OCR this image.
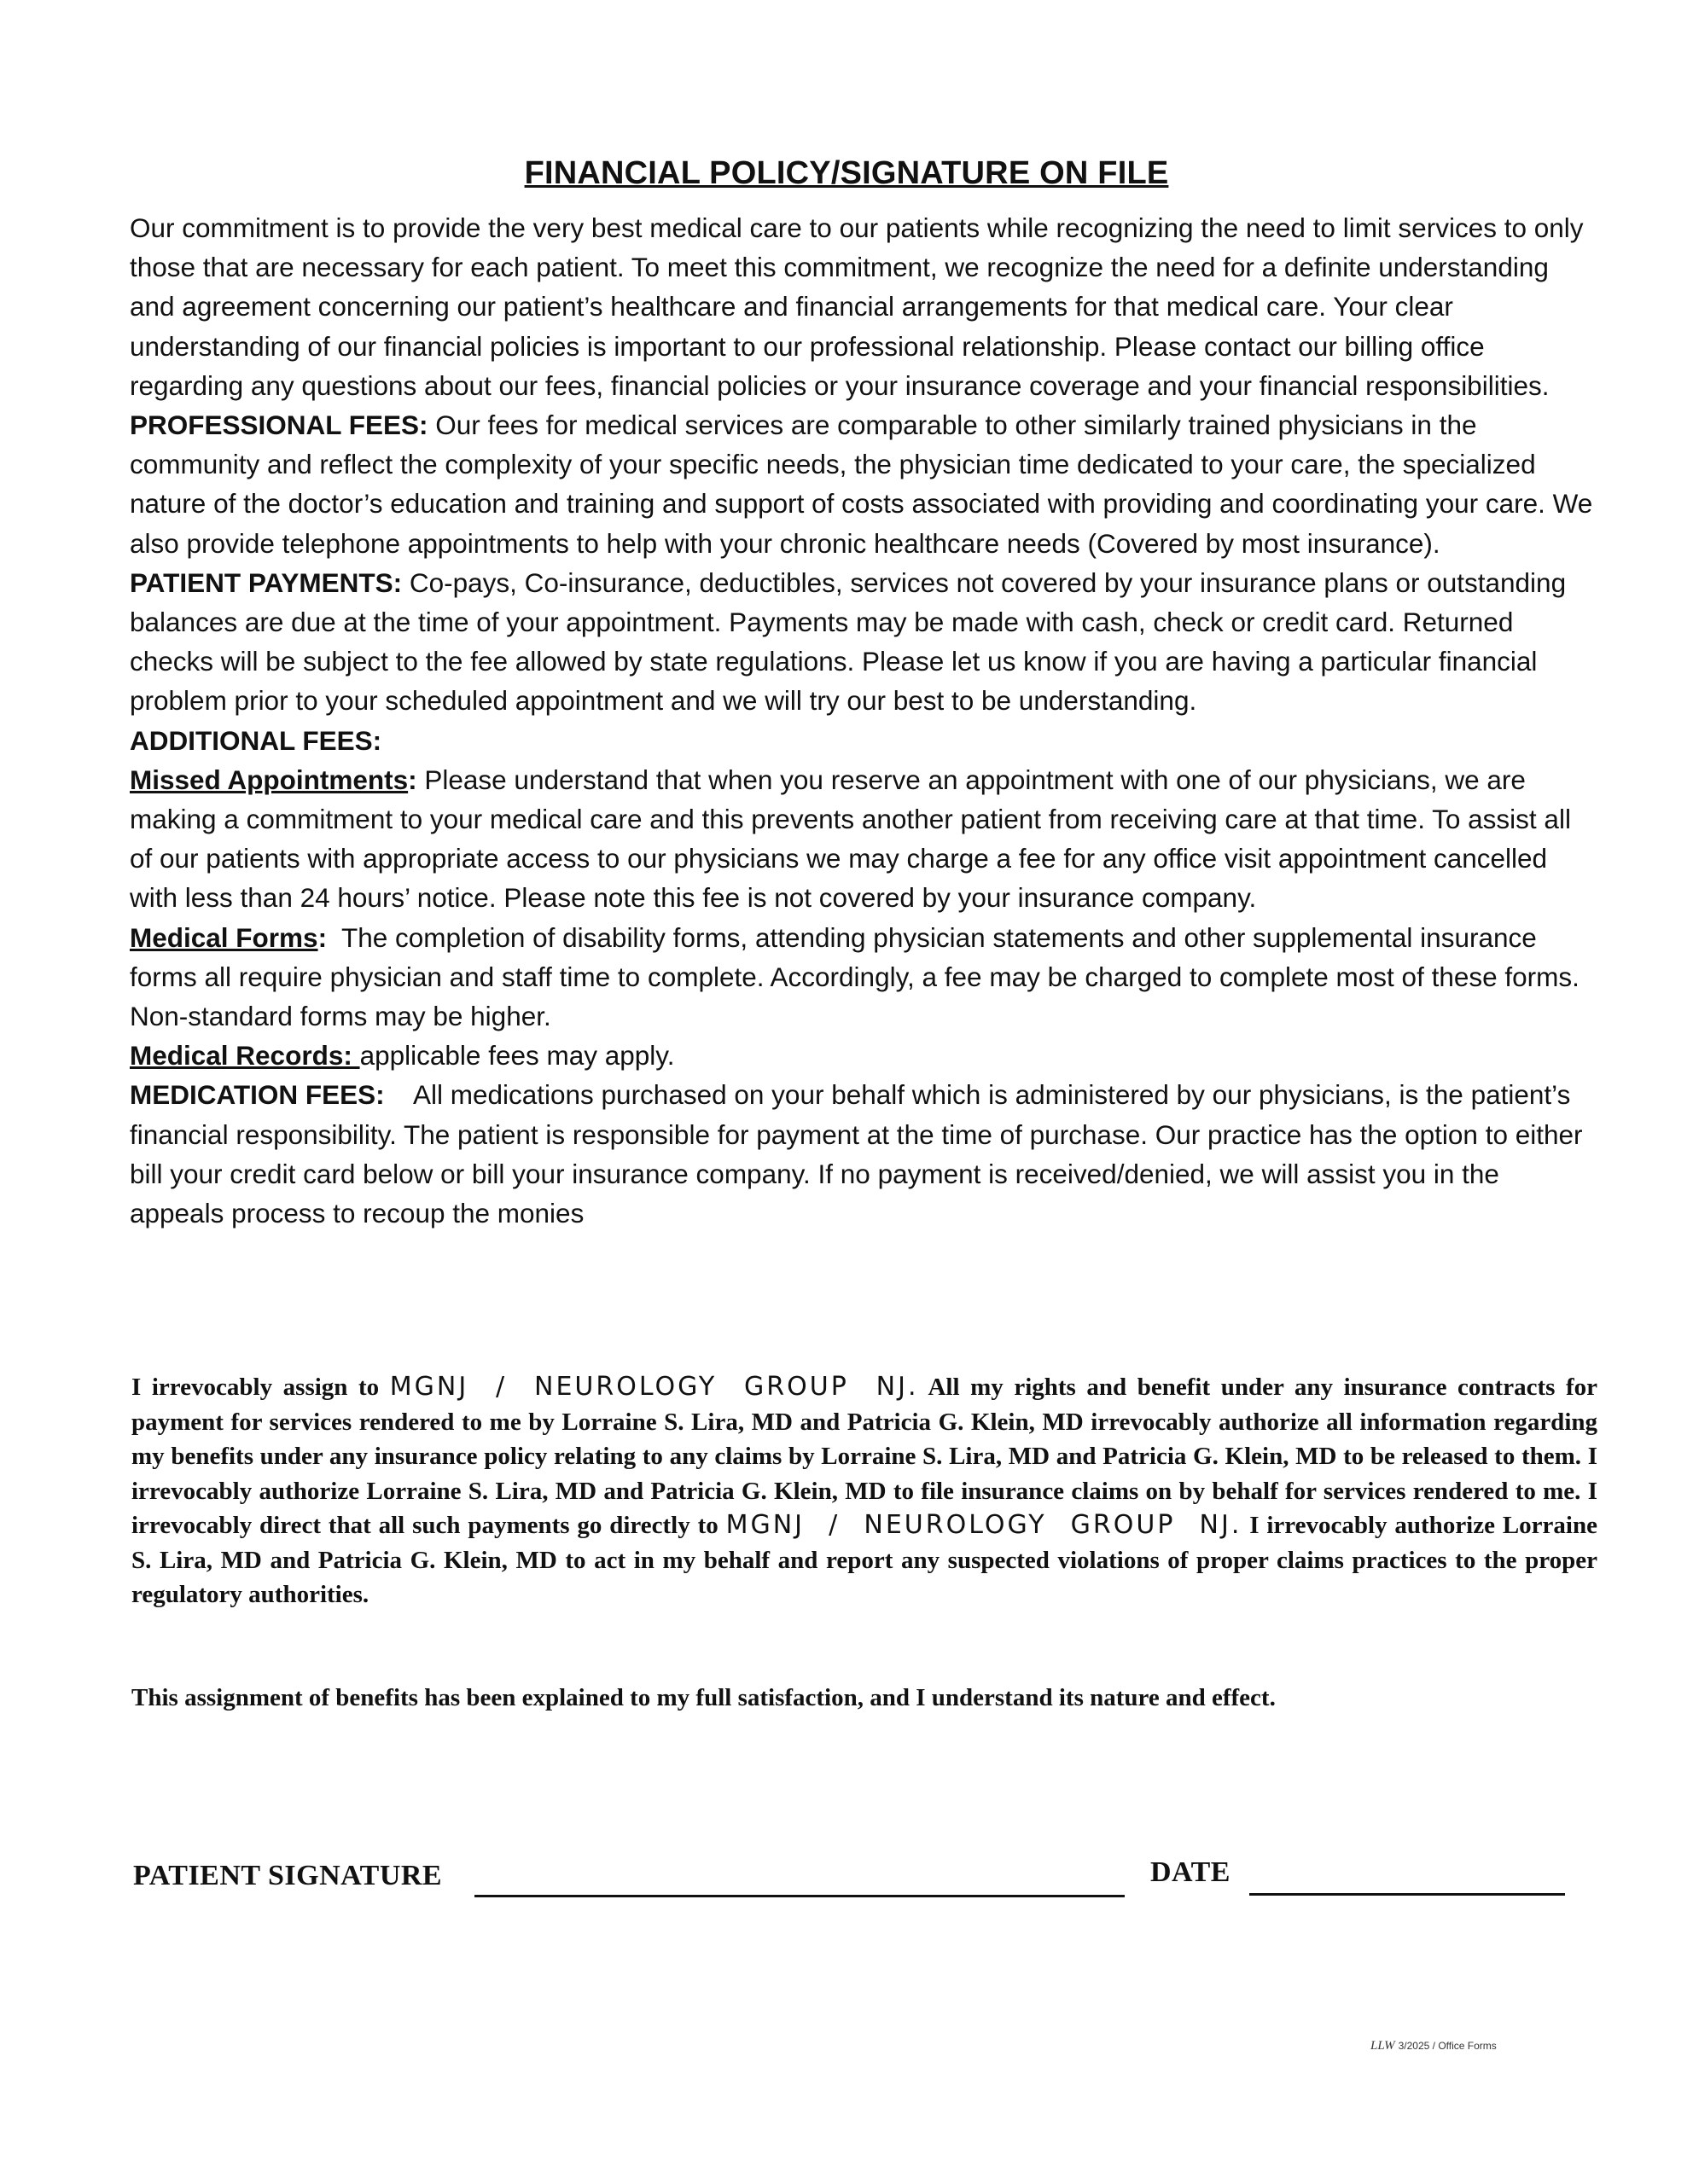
FINANCIAL POLICY/SIGNATURE ON FILE

Our commitment is to provide the very best medical care to our patients while recognizing the need to limit services to only those that are necessary for each patient. To meet this commitment, we recognize the need for a definite understanding and agreement concerning our patient’s healthcare and financial arrangements for that medical care. Your clear understanding of our financial policies is important to our professional relationship. Please contact our billing office regarding any questions about our fees, financial policies or your insurance coverage and your financial responsibilities.

PROFESSIONAL FEES: Our fees for medical services are comparable to other similarly trained physicians in the community and reflect the complexity of your specific needs, the physician time dedicated to your care, the specialized nature of the doctor’s education and training and support of costs associated with providing and coordinating your care. We also provide telephone appointments to help with your chronic healthcare needs (Covered by most insurance).

PATIENT PAYMENTS: Co-pays, Co-insurance, deductibles, services not covered by your insurance plans or outstanding balances are due at the time of your appointment. Payments may be made with cash, check or credit card. Returned checks will be subject to the fee allowed by state regulations. Please let us know if you are having a particular financial problem prior to your scheduled appointment and we will try our best to be understanding.

ADDITIONAL FEES:

Missed Appointments: Please understand that when you reserve an appointment with one of our physicians, we are making a commitment to your medical care and this prevents another patient from receiving care at that time. To assist all of our patients with appropriate access to our physicians we may charge a fee for any office visit appointment cancelled with less than 24 hours’ notice. Please note this fee is not covered by your insurance company.

Medical Forms:  The completion of disability forms, attending physician statements and other supplemental insurance forms all require physician and staff time to complete. Accordingly, a fee may be charged to complete most of these forms. Non-standard forms may be higher.

Medical Records: applicable fees may apply.

MEDICATION FEES:    All medications purchased on your behalf which is administered by our physicians, is the patient’s financial responsibility. The patient is responsible for payment at the time of purchase. Our practice has the option to either bill your credit card below or bill your insurance company. If no payment is received/denied, we will assist you in the appeals process to recoup the monies

I irrevocably assign to MGNJ / NEUROLOGY GROUP NJ. All my rights and benefit under any insurance contracts for payment for services rendered to me by Lorraine S. Lira, MD and Patricia G. Klein, MD irrevocably authorize all information regarding my benefits under any insurance policy relating to any claims by Lorraine S. Lira, MD and Patricia G. Klein, MD to be released to them. I irrevocably authorize Lorraine S. Lira, MD and Patricia G. Klein, MD to file insurance claims on by behalf for services rendered to me. I irrevocably direct that all such payments go directly to MGNJ / NEUROLOGY GROUP NJ. I irrevocably authorize Lorraine S. Lira, MD and Patricia G. Klein, MD to act in my behalf and report any suspected violations of proper claims practices to the proper regulatory authorities.

This assignment of benefits has been explained to my full satisfaction, and I understand its nature and effect.

PATIENT SIGNATURE	DATE
LLW 3/2025 / Office Forms
